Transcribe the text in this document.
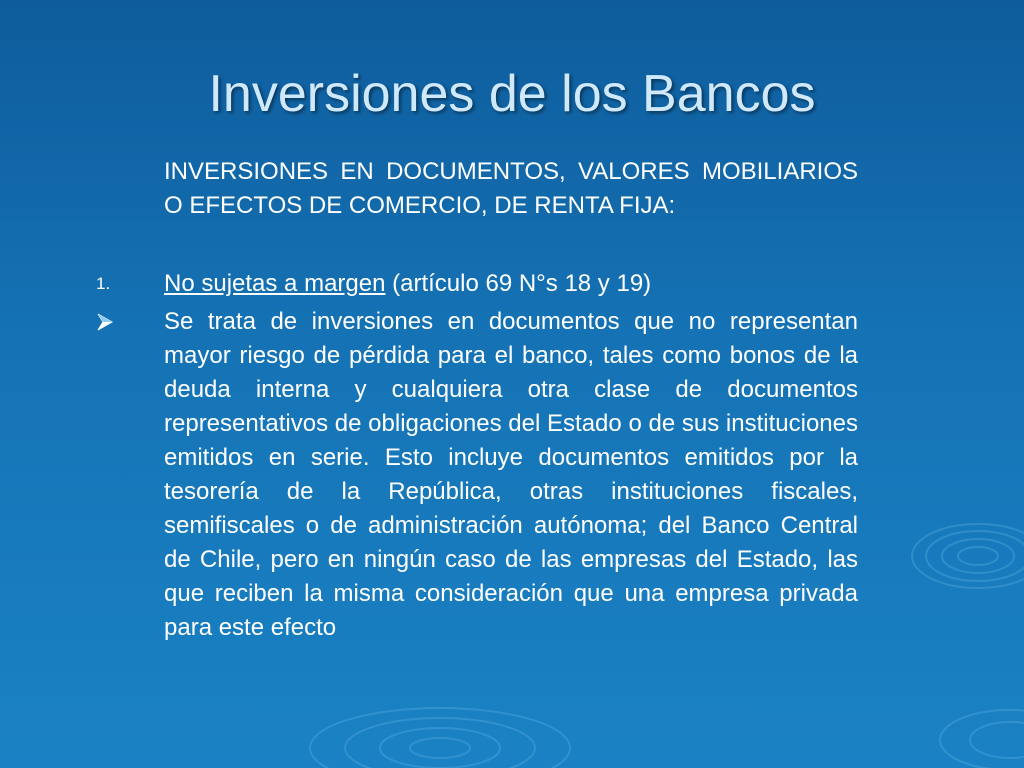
Inversiones de los Bancos

INVERSIONES EN DOCUMENTOS, VALORES MOBILIARIOS O EFECTOS DE COMERCIO, DE RENTA FIJA:

1.	No sujetas a margen (artículo 69 N°s 18 y 19)

Se trata de inversiones en documentos que no representan mayor riesgo de pérdida para el banco, tales como bonos de la deuda interna y cualquiera otra clase de documentos representativos de obligaciones del Estado o de sus instituciones emitidos en serie. Esto incluye documentos emitidos por la tesorería de la República, otras instituciones fiscales, semifiscales o de administración autónoma; del Banco Central de Chile, pero en ningún caso de las empresas del Estado, las que reciben la misma consideración que una empresa privada para este efecto
